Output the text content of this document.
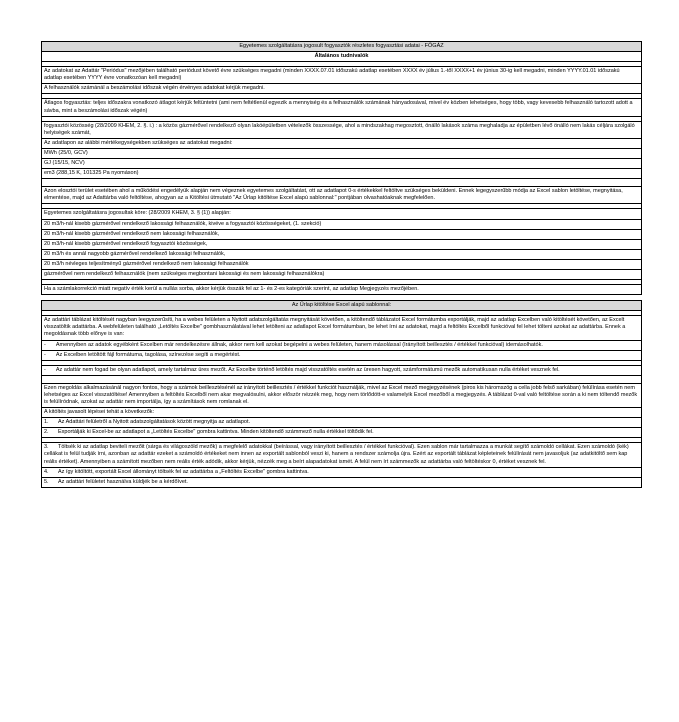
Egyetemes szolgáltatásra jogosult fogyasztók részletes fogyasztási adatai - FŐGÁZ
Általános tudnivalók
Az adatokat az Adattár "Periódus" mezőjében található periódust követő évre szükséges megadni (minden XXXX.07.01 időszakú adatlap esetében XXXX év július 1.-től XXXX+1 év június 30-ig kell megadni, minden YYYY.01.01 időszakú adatlap esetében YYYY évre vonatkozóan kell megadni)
A felhasználók számánál a beszámolási időszak végén érvényes adatokat kérjük megadni.
Átlagos fogyasztás: teljes időszakra vonatkozó átlagot kérjük feltüntetni (ami nem feltétlenül egyezik a mennyiség és a felhasználók számának hányadosával, mivel év közben lehetséges, hogy több, vagy kevesebb felhasználó tartozott adott a sávba, mint a beszámolási időszak végén)
fogyasztói közösség (28/2009 KHEM, 2. §. i.) : a közös gázmérővel rendelkező olyan lakóépületben vételezők összessége, ahol a mindszakhag megosztott, önálló lakások száma meghaladja az épületben lévő önálló nem lakás céljára szolgáló helyiségek számát,
Az adatlapon az alábbi mértékegységekben szükséges az adatokat megadni:
MWh (25/0, GCV)
GJ (15/15, NCV)
em3 (288,15 K, 101325 Pa nyomáson)
Azon elosztói terület esetében ahol a működési engedélyük alapján nem végeznek egyetemes szolgáltatást, ott az adatlapot 0-s értékekkel feltöltve szükséges beküldeni. Ennek legegyszerűbb módja az Excel sablon letöltése, megnyitása, elmentése, majd az Adattárba való feltöltése, ahogyan az a Kitöltési útmutató "Az Űrlap kitöltése Excel alapú sablonnal:" pontjában olvashatóaknak megfelelően.
Egyetemes szolgáltatásra jogosultak köre: (28/2009 KHEM, 3. § (1)) alapján:
20 m3/h-nál kisebb gázmérővel rendelkező lakossági felhasználók, kivéve a fogyasztói közösségeket, (1. szekció)
20 m3/h-nál kisebb gázmérővel rendelkező nem lakossági felhasználók,
20 m3/h-nál kisebb gázmérővel rendelkező fogyasztói közösségek,
20 m3/h és annál nagyobb gázmérővel rendelkező lakossági felhasználók,
20 m3/h névleges teljesítményű gázmérővel rendelkező nem lakossági felhasználók
gázmérővel nem rendelkező felhasználók (nem szükséges megbontani lakossági és nem lakossági felhasználókra)
Ha a számlakorrekció miatt negatív érték kerül a nullás sorba, akkor kérjük összák fel az 1- és 2-es kategóriák szerint, az adatlap Megjegyzés mezőjében.
Az Űrlap kitöltése Excel alapú sablonnal:
Az adattári táblázat kitöltését nagyban leegyszerűsíti, ha a webes felületen a Nyitott adatszolgáltatás megnyitását követően, a kitöltendő táblázatot Excel formátumba exportálják, majd az adatlap Excelben való kitöltését követően, az Excelt visszatöltik adattárba. A webfelületen található „Letöltés Excelbe" gombhasználatával lehet letölteni az adatlapot Excel formátumban, be lehet írni az adatokat, majd a feltöltés Excelből funkcióval fel lehet tölteni azokat az adattárba. Ennek a megoldásnak több előnye is van:
- Amennyiben az adatok egyébként Excelben már rendelkezésre állnak, akkor nem kell azokat begépelni a webes felületen, hanem másolással (Irányított beillesztés / értékkel funkcióval) idemásolhatók.
- Az Excelben letöltött fájl formátuma, tagolása, színezése segíti a megértést.
- Az adattár nem fogad be olyan adatlapot, amely tartalmaz üres mezőt. Az Excelbe történő letöltés majd visszatöltés esetén az üresen hagyott, számformátumú mezők automatikusan nulla értéket vesznek fel.
Ezen megoldás alkalmazásánál nagyon fontos, hogy a számok beillesztésénél az irányított beillesztés / értékkel funkciót használják, mivel az Excel mező megjegyzésének (piros kis háromszög a cella jobb felső sarkában) felülírása esetén nem lehetséges az Excel visszatöltése! Amennyiben a feltöltés Excelből nem akar megvalósulni, akkor először nézzék meg, hogy nem törlődött-e valamelyik Excel mezőből a megjegyzés. A táblázat 0-val való feltöltése során a ki nem töltendő mezők is felülíródnak, azokat az adattár nem importálja, így a számítások nem romlanak el.
A kitöltés javasolt lépései tehát a következők:
1. Az Adattári felületről a Nyitott adatszolgáltatások között megnyitja az adatlapot.
2. Exportálják ki Excel-be az adatlapot a „Letöltés Excelbe" gombra kattintva. Minden kitöltendő számmező nulla értékkel töltődik fel.
3. Töltsék ki az adatlap beviteli mezőit (sárga és világoszöld mezők) a megfelelő adatokkal (beírással, vagy irányított beillesztés / értékkel funkcióval). Ezen sablon már tartalmazza a munkát segítő számoldó cellákat. Ezen számoldó (kék) cellákat is felül tudják írni, azonban az adattár ezeket a számoldó értékeket nem innen az exportált sablonból veszi ki, hanem a rendszer számolja újra. Ezért az exportált táblázat képleteinek felülírását nem javasoljuk (az adatkitöltő sem kap reális értéket). Amennyiben a számított mezőben nem reális érték adódik, akkor kérjük, nézzék meg a beírt alapadatokat ismét. A felül nem írt számmezők az adattárba való feltöltéskor 0, értéket vesznek fel.
4. Az így kitöltött, exportált Excel állományt töltsék fel az adattárba a „Feltöltés Excelbe" gombra kattintva.
5. Az adattári felületet használva küldjék be a kérdőívet.
